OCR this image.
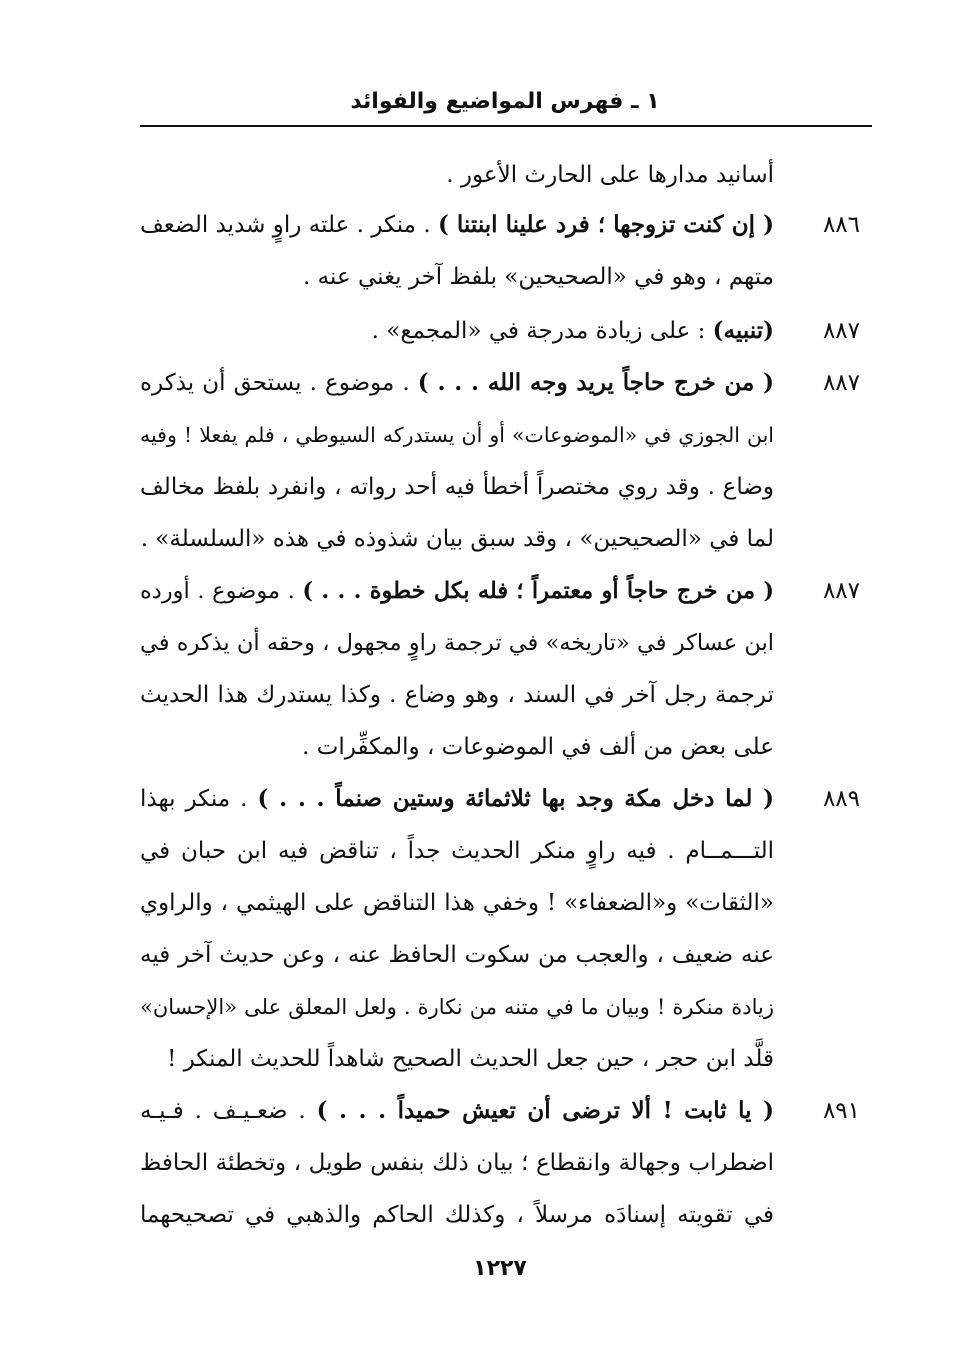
١ ـ فهرس المواضيع والفوائد
أسانيد مدارها على الحارث الأعور .
٨٨٦
( إن كنت تزوجها ؛ فرد علينا ابنتنا ) . منكر . علته راوٍ شديد الضعف
متهم ، وهو في «الصحيحين» بلفظ آخر يغني عنه .
٨٨٧
(تنبيه) : على زيادة مدرجة في «المجمع» .
٨٨٧
( من خرج حاجاً يريد وجه الله . . . ) . موضوع . يستحق أن يذكره
ابن الجوزي في «الموضوعات» أو أن يستدركه السيوطي ، فلم يفعلا ! وفيه
وضاع . وقد روي مختصراً أخطأ فيه أحد رواته ، وانفرد بلفظ مخالف
لما في «الصحيحين» ، وقد سبق بيان شذوذه في هذه «السلسلة» .
٨٨٧
( من خرج حاجاً أو معتمراً ؛ فله بكل خطوة . . . ) . موضوع . أورده
ابن عساكر في «تاريخه» في ترجمة راوٍ مجهول ، وحقه أن يذكره في
ترجمة رجل آخر في السند ، وهو وضاع . وكذا يستدرك هذا الحديث
على بعض من ألف في الموضوعات ، والمكفِّرات .
٨٨٩
( لما دخل مكة وجد بها ثلاثمائة وستين صنماً . . . ) . منكر بهذا
التـــمــام . فيه راوٍ منكر الحديث جداً ، تناقض فيه ابن حبان في
«الثقات» و«الضعفاء» ! وخفي هذا التناقض على الهيثمي ، والراوي
عنه ضعيف ، والعجب من سكوت الحافظ عنه ، وعن حديث آخر فيه
زيادة منكرة ! وبيان ما في متنه من نكارة . ولعل المعلق على «الإحسان»
قلَّد ابن حجر ، حين جعل الحديث الصحيح شاهداً للحديث المنكر !
٨٩١
( يا ثابت ! ألا ترضى أن تعيش حميداً . . . ) . ضعـيـف . فـيـه
اضطراب وجهالة وانقطاع ؛ بيان ذلك بنفس طويل ، وتخطئة الحافظ
في تقويته إسنادَه مرسلاً ، وكذلك الحاكم والذهبي في تصحيحهما
١٢٢٧
